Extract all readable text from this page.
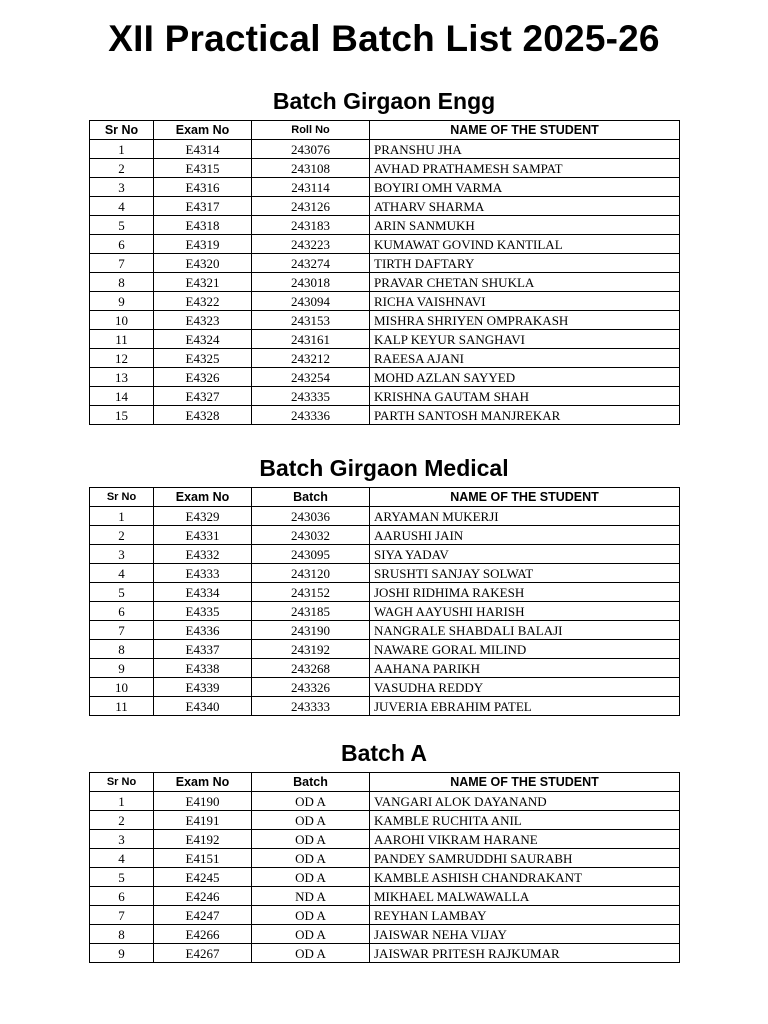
XII Practical Batch List 2025-26
Batch Girgaon Engg
Sr No	Exam No	Roll No	NAME OF THE STUDENT
1	E4314	243076	PRANSHU JHA
2	E4315	243108	AVHAD PRATHAMESH SAMPAT
3	E4316	243114	BOYIRI OMH VARMA
4	E4317	243126	ATHARV SHARMA
5	E4318	243183	ARIN SANMUKH
6	E4319	243223	KUMAWAT GOVIND KANTILAL
7	E4320	243274	TIRTH DAFTARY
8	E4321	243018	PRAVAR CHETAN SHUKLA
9	E4322	243094	RICHA VAISHNAVI
10	E4323	243153	MISHRA SHRIYEN OMPRAKASH
11	E4324	243161	KALP KEYUR SANGHAVI
12	E4325	243212	RAEESA AJANI
13	E4326	243254	MOHD AZLAN SAYYED
14	E4327	243335	KRISHNA GAUTAM SHAH
15	E4328	243336	PARTH SANTOSH MANJREKAR
Batch Girgaon Medical
Sr No	Exam No	Batch	NAME OF THE STUDENT
1	E4329	243036	ARYAMAN MUKERJI
2	E4331	243032	AARUSHI JAIN
3	E4332	243095	SIYA YADAV
4	E4333	243120	SRUSHTI SANJAY SOLWAT
5	E4334	243152	JOSHI RIDHIMA RAKESH
6	E4335	243185	WAGH AAYUSHI HARISH
7	E4336	243190	NANGRALE SHABDALI BALAJI
8	E4337	243192	NAWARE GORAL MILIND
9	E4338	243268	AAHANA PARIKH
10	E4339	243326	VASUDHA REDDY
11	E4340	243333	JUVERIA EBRAHIM PATEL
Batch A
Sr No	Exam No	Batch	NAME OF THE STUDENT
1	E4190	OD A	VANGARI ALOK DAYANAND
2	E4191	OD A	KAMBLE RUCHITA ANIL
3	E4192	OD A	AAROHI VIKRAM HARANE
4	E4151	OD A	PANDEY SAMRUDDHI SAURABH
5	E4245	OD A	KAMBLE ASHISH CHANDRAKANT
6	E4246	ND A	MIKHAEL MALWAWALLA
7	E4247	OD A	REYHAN LAMBAY
8	E4266	OD A	JAISWAR NEHA VIJAY
9	E4267	OD A	JAISWAR PRITESH RAJKUMAR
